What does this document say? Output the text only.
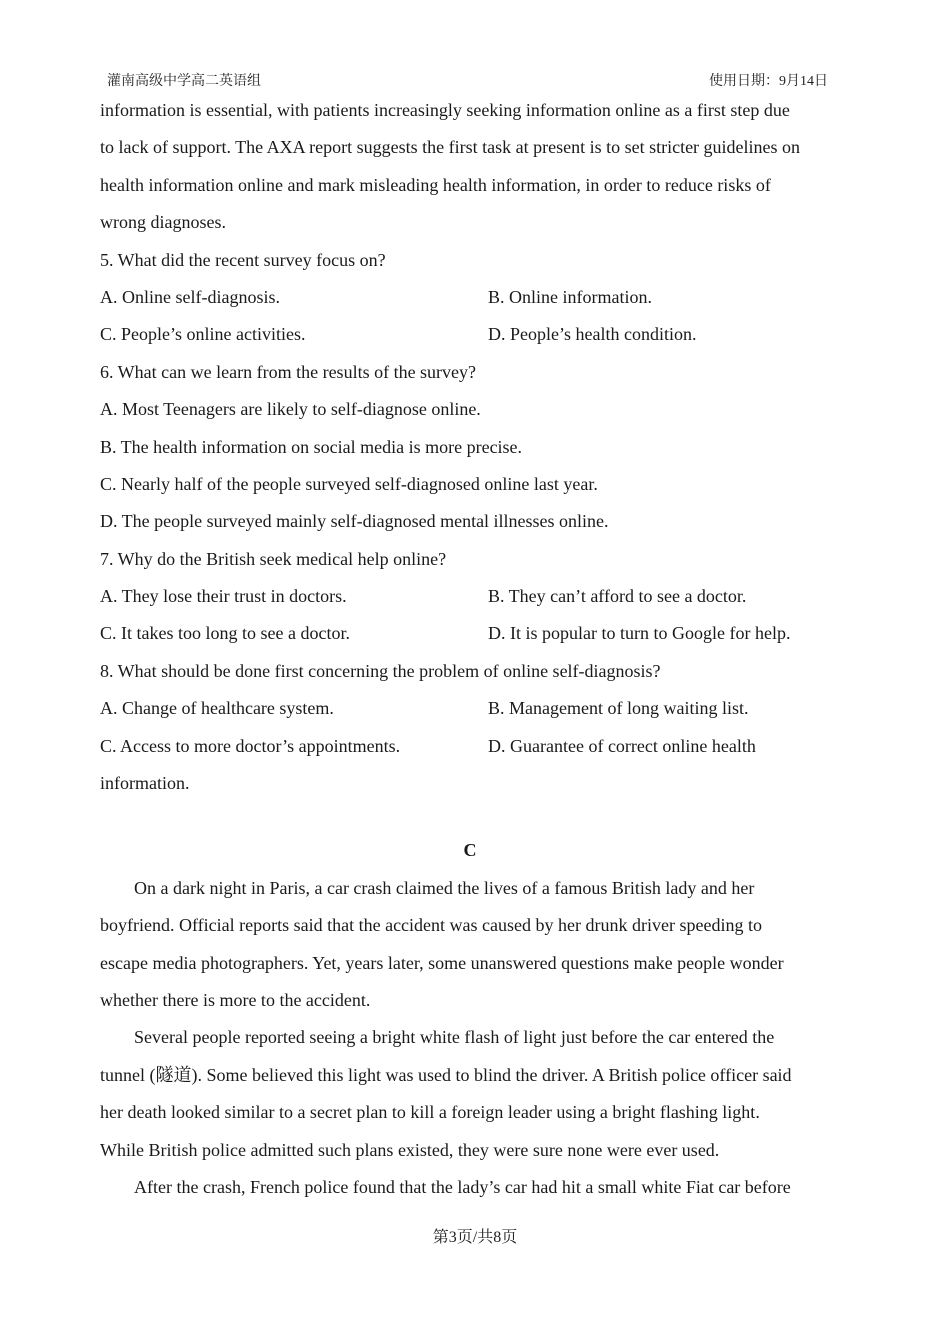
灌南高级中学高二英语组	使用日期：9月14日
information is essential, with patients increasingly seeking information online as a first step due
to lack of support. The AXA report suggests the first task at present is to set stricter guidelines on
health information online and mark misleading health information, in order to reduce risks of
wrong diagnoses.
5. What did the recent survey focus on?
A. Online self-diagnosis.	B. Online information.
C. People’s online activities.	D. People’s health condition.
6. What can we learn from the results of the survey?
A. Most Teenagers are likely to self-diagnose online.
B. The health information on social media is more precise.
C. Nearly half of the people surveyed self-diagnosed online last year.
D. The people surveyed mainly self-diagnosed mental illnesses online.
7. Why do the British seek medical help online?
A. They lose their trust in doctors.	B. They can’t afford to see a doctor.
C. It takes too long to see a doctor.	D. It is popular to turn to Google for help.
8. What should be done first concerning the problem of online self-diagnosis?
A. Change of healthcare system.	B. Management of long waiting list.
C. Access to more doctor’s appointments.	D. Guarantee of correct online health
information.
C
On a dark night in Paris, a car crash claimed the lives of a famous British lady and her
boyfriend. Official reports said that the accident was caused by her drunk driver speeding to
escape media photographers. Yet, years later, some unanswered questions make people wonder
whether there is more to the accident.
Several people reported seeing a bright white flash of light just before the car entered the
tunnel (隧道). Some believed this light was used to blind the driver. A British police officer said
her death looked similar to a secret plan to kill a foreign leader using a bright flashing light.
While British police admitted such plans existed, they were sure none were ever used.
After the crash, French police found that the lady’s car had hit a small white Fiat car before
第3页/共8页
